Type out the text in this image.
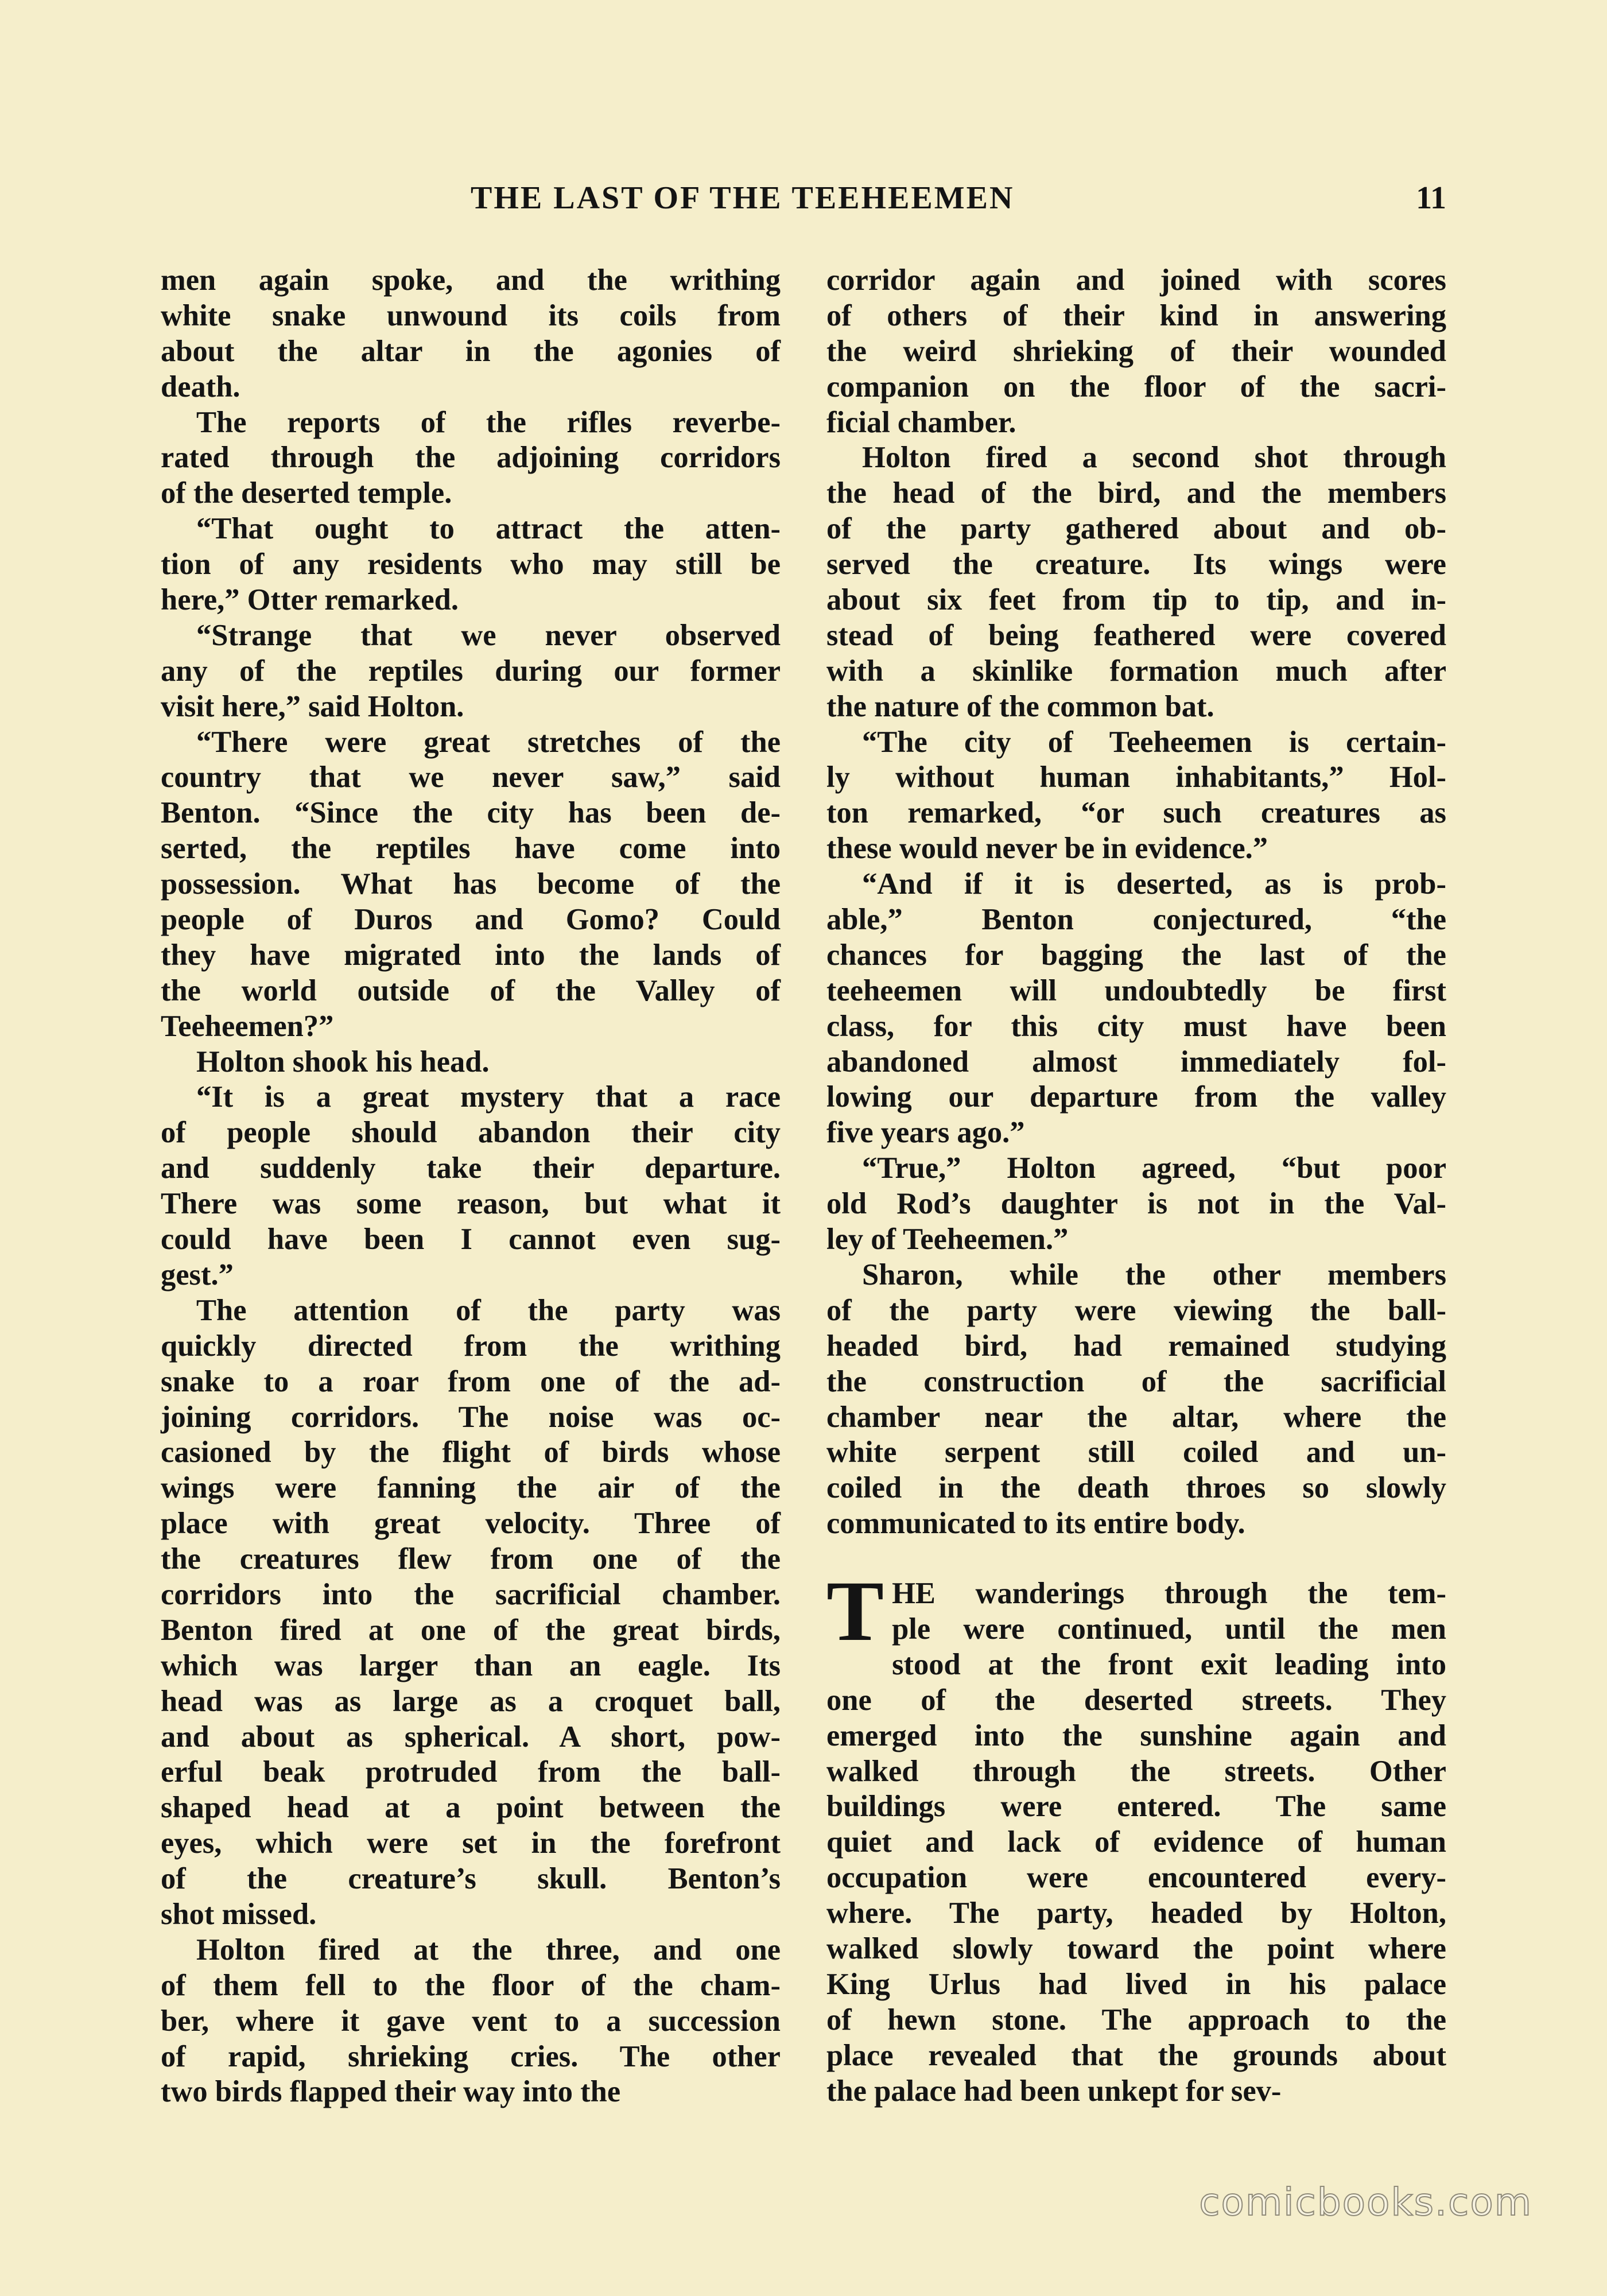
THE LAST OF THE TEEHEEMEN	11
men again spoke, and the writhing
white snake unwound its coils from
about the altar in the agonies of
death.
The reports of the rifles reverbe-
rated through the adjoining corridors
of the deserted temple.
“That ought to attract the atten-
tion of any residents who may still be
here,” Otter remarked.
“Strange that we never observed
any of the reptiles during our former
visit here,” said Holton.
“There were great stretches of the
country that we never saw,” said
Benton. “Since the city has been de-
serted, the reptiles have come into
possession. What has become of the
people of Duros and Gomo? Could
they have migrated into the lands of
the world outside of the Valley of
Teeheemen?”
Holton shook his head.
“It is a great mystery that a race
of people should abandon their city
and suddenly take their departure.
There was some reason, but what it
could have been I cannot even sug-
gest.”
The attention of the party was
quickly directed from the writhing
snake to a roar from one of the ad-
joining corridors. The noise was oc-
casioned by the flight of birds whose
wings were fanning the air of the
place with great velocity. Three of
the creatures flew from one of the
corridors into the sacrificial chamber.
Benton fired at one of the great birds,
which was larger than an eagle. Its
head was as large as a croquet ball,
and about as spherical. A short, pow-
erful beak protruded from the ball-
shaped head at a point between the
eyes, which were set in the forefront
of the creature’s skull. Benton’s
shot missed.
Holton fired at the three, and one
of them fell to the floor of the cham-
ber, where it gave vent to a succession
of rapid, shrieking cries. The other
two birds flapped their way into the
corridor again and joined with scores
of others of their kind in answering
the weird shrieking of their wounded
companion on the floor of the sacri-
ficial chamber.
Holton fired a second shot through
the head of the bird, and the members
of the party gathered about and ob-
served the creature. Its wings were
about six feet from tip to tip, and in-
stead of being feathered were covered
with a skinlike formation much after
the nature of the common bat.
“The city of Teeheemen is certain-
ly without human inhabitants,” Hol-
ton remarked, “or such creatures as
these would never be in evidence.”
“And if it is deserted, as is prob-
able,” Benton conjectured, “the
chances for bagging the last of the
teeheemen will undoubtedly be first
class, for this city must have been
abandoned almost immediately fol-
lowing our departure from the valley
five years ago.”
“True,” Holton agreed, “but poor
old Rod’s daughter is not in the Val-
ley of Teeheemen.”
Sharon, while the other members
of the party were viewing the ball-
headed bird, had remained studying
the construction of the sacrificial
chamber near the altar, where the
white serpent still coiled and un-
coiled in the death throes so slowly
communicated to its entire body.
T HE wanderings through the tem-
ple were continued, until the men
stood at the front exit leading into
one of the deserted streets. They
emerged into the sunshine again and
walked through the streets. Other
buildings were entered. The same
quiet and lack of evidence of human
occupation were encountered every-
where. The party, headed by Holton,
walked slowly toward the point where
King Urlus had lived in his palace
of hewn stone. The approach to the
place revealed that the grounds about
the palace had been unkept for sev-
comicbooks.com
